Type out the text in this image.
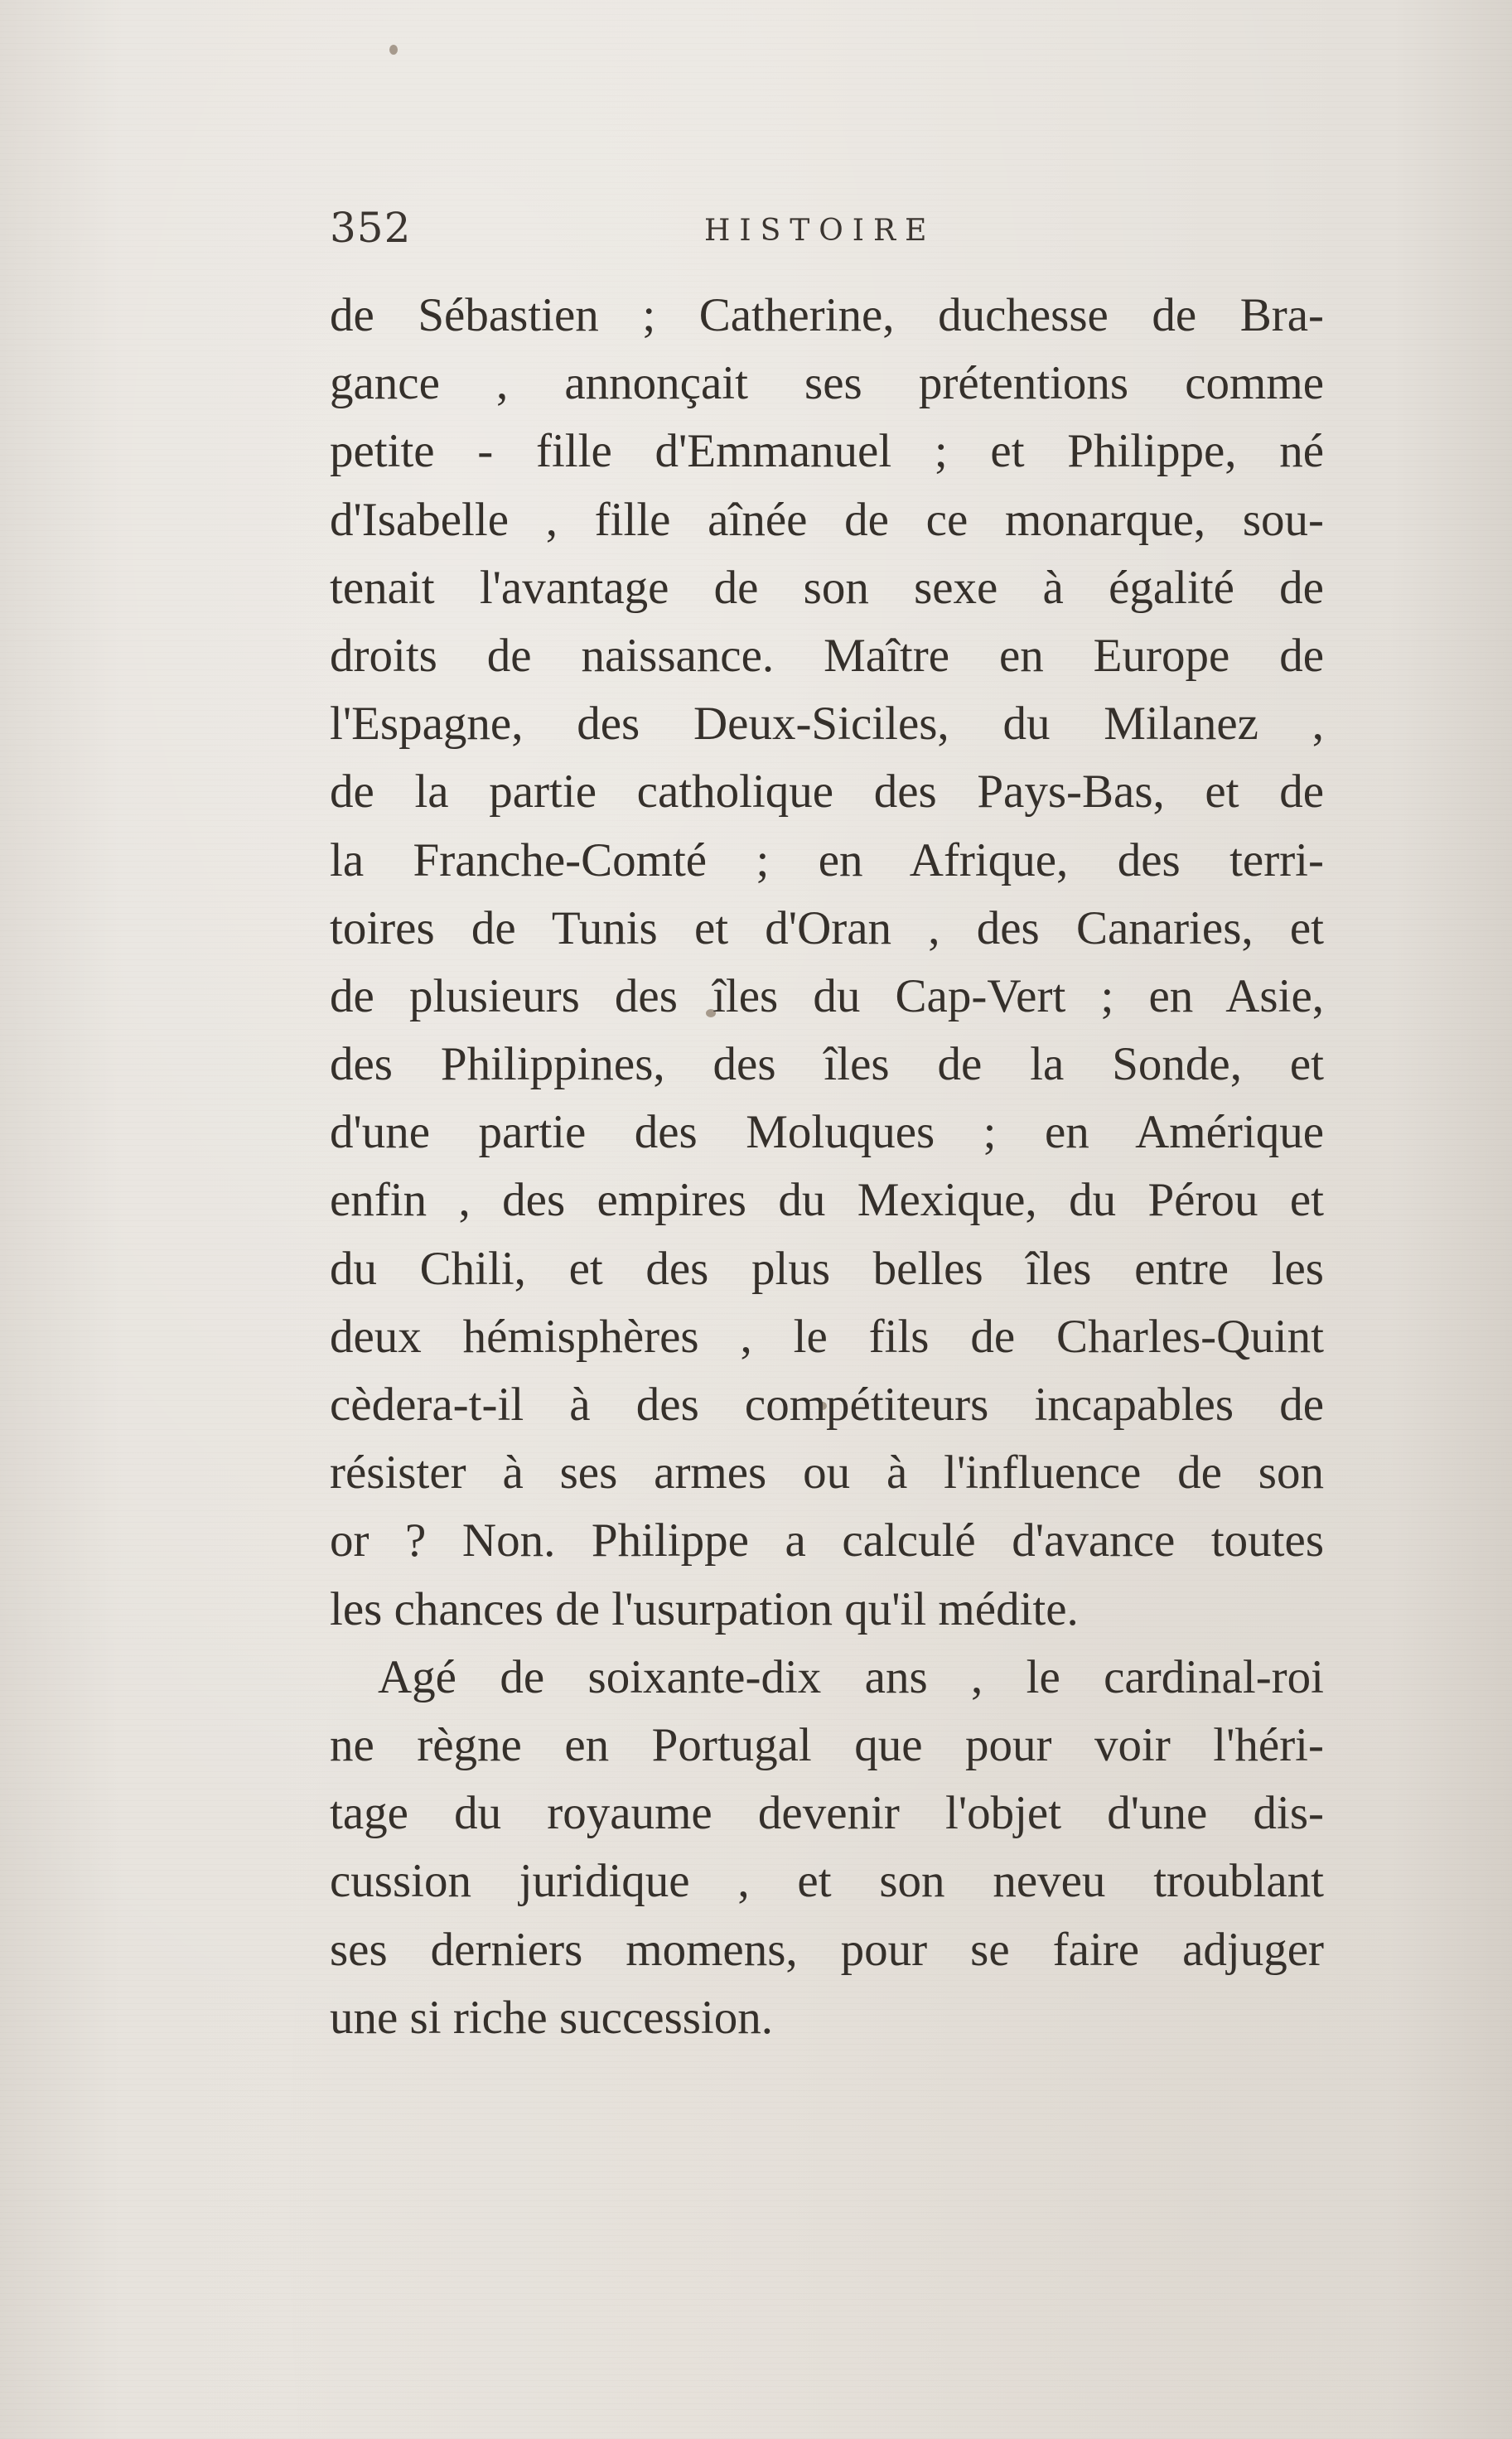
352	HISTOIRE
de Sébastien ; Catherine, duchesse de Bra-
gance , annonçait ses prétentions comme
petite - fille d'Emmanuel ; et Philippe, né
d'Isabelle , fille aînée de ce monarque, sou-
tenait l'avantage de son sexe à égalité de
droits de naissance. Maître en Europe de
l'Espagne, des Deux-Siciles, du Milanez ,
de la partie catholique des Pays-Bas, et de
la Franche-Comté ; en Afrique, des terri-
toires de Tunis et d'Oran , des Canaries, et
de plusieurs des îles du Cap-Vert ; en Asie,
des Philippines, des îles de la Sonde, et
d'une partie des Moluques ; en Amérique
enfin , des empires du Mexique, du Pérou et
du Chili, et des plus belles îles entre les
deux hémisphères , le fils de Charles-Quint
cèdera-t-il à des compétiteurs incapables de
résister à ses armes ou à l'influence de son
or ? Non. Philippe a calculé d'avance toutes
les chances de l'usurpation qu'il médite.
Agé de soixante-dix ans , le cardinal-roi
ne règne en Portugal que pour voir l'héri-
tage du royaume devenir l'objet d'une dis-
cussion juridique , et son neveu troublant
ses derniers momens, pour se faire adjuger
une si riche succession.
